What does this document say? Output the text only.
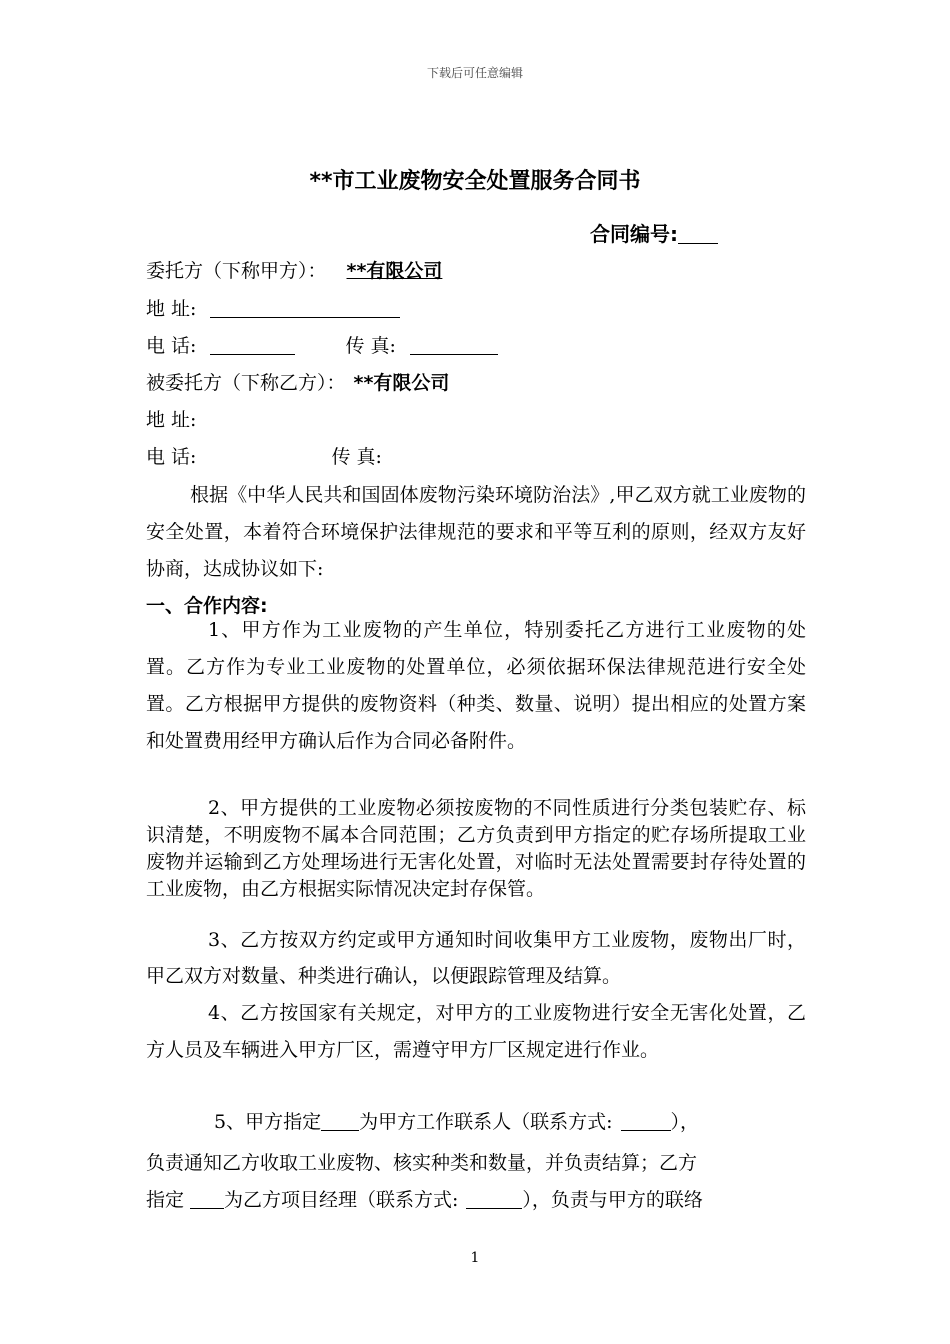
下载后可任意编辑
**市工业废物安全处置服务合同书
合同编号:
委托方（下称甲方）： **有限公司
地 址:
电 话:	传 真:
被委托方（下称乙方）： **有限公司
地 址:
电 话:	传 真:
根据《中华人民共和国固体废物污染环境防治法》,甲乙双方就工业废物的安全处置，本着符合环境保护法律规范的要求和平等互利的原则，经双方友好协商，达成协议如下:
一、合作内容:
1、甲方作为工业废物的产生单位，特别委托乙方进行工业废物的处置。乙方作为专业工业废物的处置单位，必须依据环保法律规范进行安全处置。乙方根据甲方提供的废物资料（种类、数量、说明）提出相应的处置方案和处置费用经甲方确认后作为合同必备附件。
2、甲方提供的工业废物必须按废物的不同性质进行分类包装贮存、标识清楚，不明废物不属本合同范围；乙方负责到甲方指定的贮存场所提取工业废物并运输到乙方处理场进行无害化处置，对临时无法处置需要封存待处置的工业废物，由乙方根据实际情况决定封存保管。
3、乙方按双方约定或甲方通知时间收集甲方工业废物，废物出厂时，甲乙双方对数量、种类进行确认，以便跟踪管理及结算。
4、乙方按国家有关规定，对甲方的工业废物进行安全无害化处置，乙方人员及车辆进入甲方厂区，需遵守甲方厂区规定进行作业。
5、甲方指定 为甲方工作联系人（联系方式:	），
负责通知乙方收取工业废物、核实种类和数量，并负责结算；乙方
指定 为乙方项目经理（联系方式:	），负责与甲方的联络
1
